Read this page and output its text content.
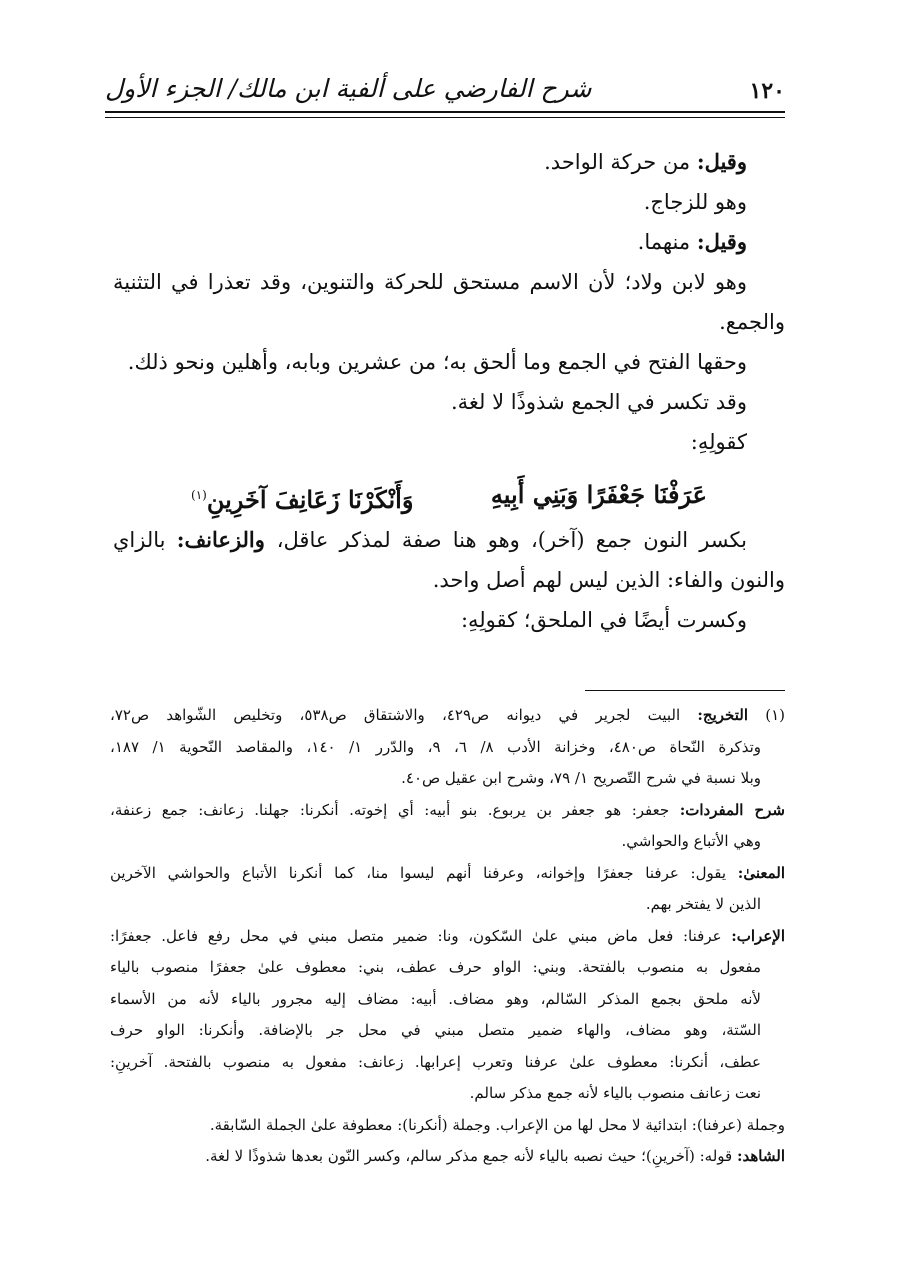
١٢٠
شرح الفارضي على ألفية ابن مالك/ الجزء الأول
وقيل: من حركة الواحد.
وهو للزجاج.
وقيل: منهما.
وهو لابن ولاد؛ لأن الاسم مستحق للحركة والتنوين، وقد تعذرا في التثنية
والجمع.
وحقها الفتح في الجمع وما ألحق به؛ من عشرين وبابه، وأهلين ونحو ذلك.
وقد تكسر في الجمع شذوذًا لا لغة.
كقولِهِ:
عَرَفْنَا جَعْفَرًا وَبَنِي أَبِيهِ
وَأَنْكَرْنَا زَعَانِفَ آخَرِينِ$^{(١)}$
بكسر النون جمع (آخر)، وهو هنا صفة لمذكر عاقل، والزعانف: بالزاي
والنون والفاء: الذين ليس لهم أصل واحد.
وكسرت أيضًا في الملحق؛ كقولِهِ:
(١) التخريج: البيت لجرير في ديوانه ص٤٢٩، والاشتقاق ص٥٣٨، وتخليص الشّواهد ص٧٢،
وتذكرة النّحاة ص٤٨٠، وخزانة الأدب ٨/ ٦، ٩، والدّرر ١/ ١٤٠، والمقاصد النّحوية ١/ ١٨٧،
وبلا نسبة في شرح التّصريح ١/ ٧٩، وشرح ابن عقيل ص٤٠.
شرح المفردات: جعفر: هو جعفر بن يربوع. بنو أبيه: أي إخوته. أنكرنا: جهلنا. زعانف: جمع زعنفة،
وهي الأتباع والحواشي.
المعنىٰ: يقول: عرفنا جعفرًا وإخوانه، وعرفنا أنهم ليسوا منا، كما أنكرنا الأتباع والحواشي الآخرين
الذين لا يفتخر بهم.
الإعراب: عرفنا: فعل ماض مبني علىٰ السّكون، ونا: ضمير متصل مبني في محل رفع فاعل. جعفرًا:
مفعول به منصوب بالفتحة. وبني: الواو حرف عطف، بني: معطوف علىٰ جعفرًا منصوب بالياء
لأنه ملحق بجمع المذكر السّالم، وهو مضاف. أبيه: مضاف إليه مجرور بالياء لأنه من الأسماء
السّتة، وهو مضاف، والهاء ضمير متصل مبني في محل جر بالإضافة. وأنكرنا: الواو حرف
عطف، أنكرنا: معطوف علىٰ عرفنا وتعرب إعرابها. زعانف: مفعول به منصوب بالفتحة. آخرينِ:
نعت زعانف منصوب بالياء لأنه جمع مذكر سالم.
وجملة (عرفنا): ابتدائية لا محل لها من الإعراب. وجملة (أنكرنا): معطوفة علىٰ الجملة السّابقة.
الشاهد: قوله: (آخرينِ)؛ حيث نصبه بالياء لأنه جمع مذكر سالم، وكسر النّون بعدها شذوذًا لا لغة.
